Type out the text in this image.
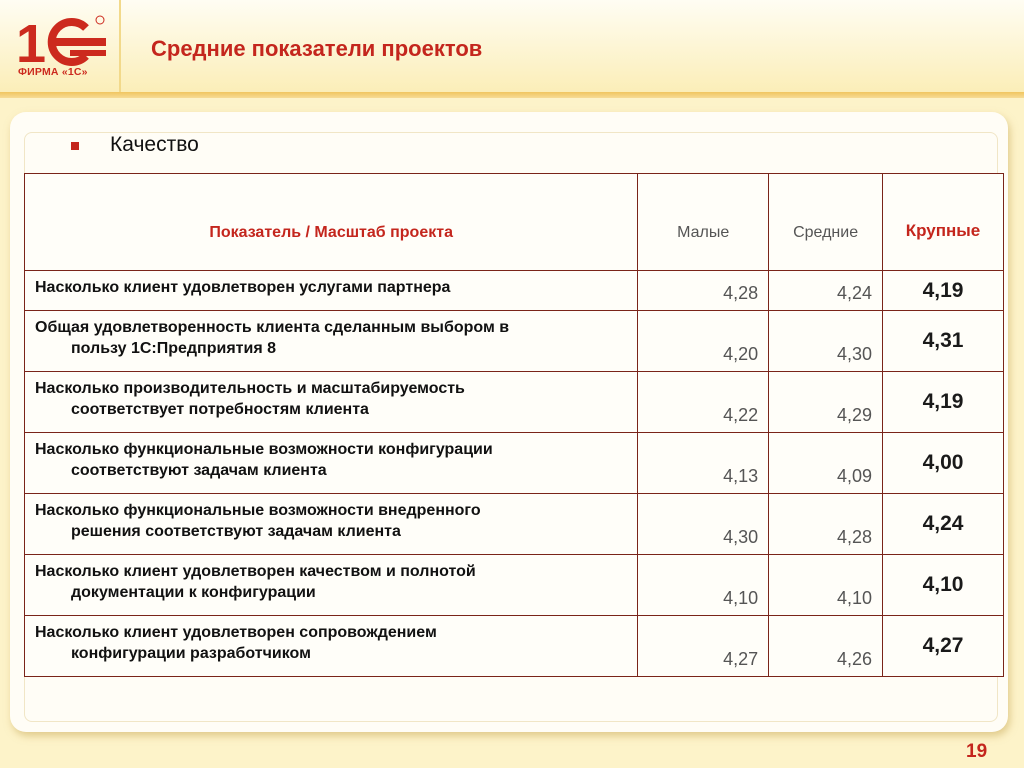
1
ФИРМА «1С»
Средние показатели проектов
Качество
Показатель / Масштаб проекта	Малые	Средние	Крупные

Насколько клиент удовлетворен услугами партнера	4,28	4,24	4,19

Общая удовлетворенность клиента сделанным выбором в
пользу 1С:Предприятия 8	4,20	4,30	4,31

Насколько производительность и масштабируемость
соответствует потребностям клиента	4,22	4,29	4,19

Насколько функциональные возможности конфигурации
соответствуют задачам клиента	4,13	4,09	4,00

Насколько функциональные возможности внедренного
решения соответствуют задачам клиента	4,30	4,28	4,24

Насколько клиент удовлетворен качеством и полнотой
документации к конфигурации	4,10	4,10	4,10

Насколько клиент удовлетворен сопровождением
конфигурации разработчиком	4,27	4,26	4,27
19
